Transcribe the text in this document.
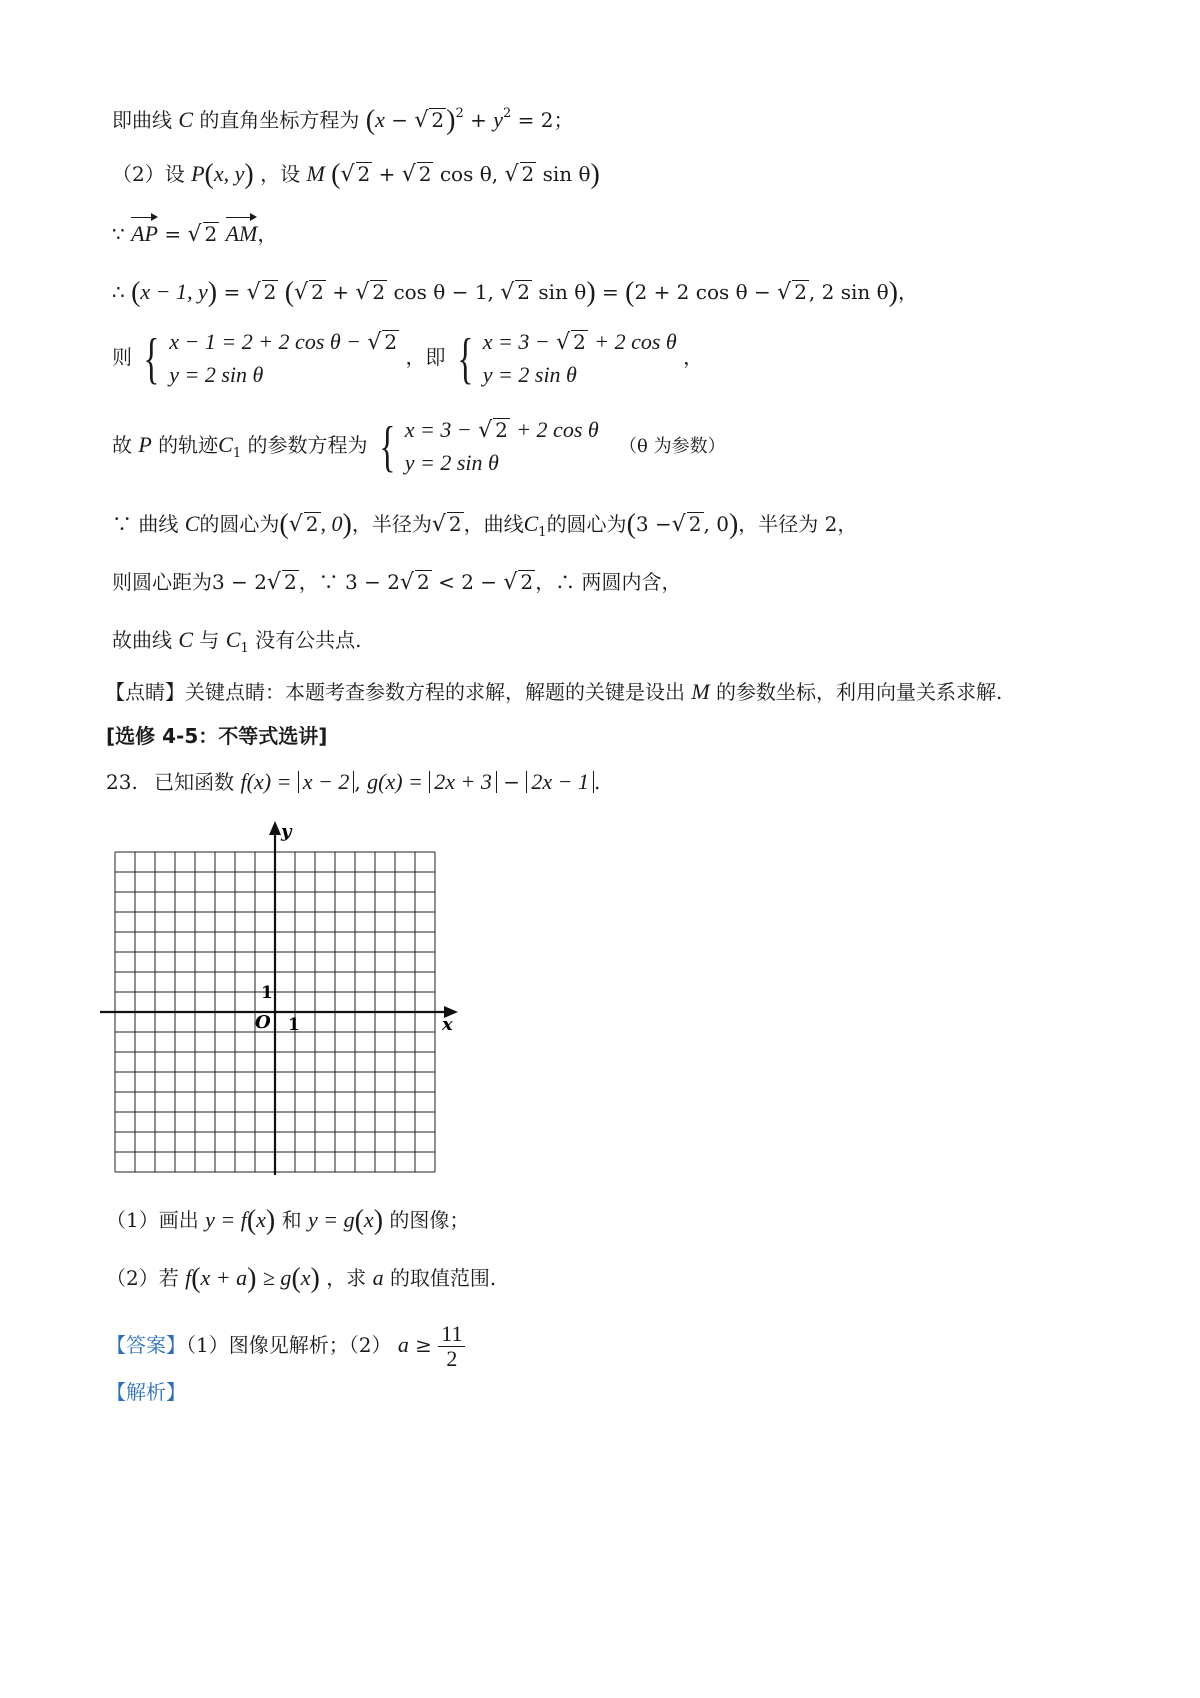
即曲线 C 的直角坐标方程为 (x − √ $2)^2 + y^2 = 2$；
（2）设 P(x, y) ，设 M (√ 2 + √ 2 cos θ, √ 2 sin θ)
∵ AP = √ 2 AM，
∴ (x − 1, y) = √ 2 (√ 2 + √ 2 cos θ − 1, √ 2 sin θ) = (2 + 2 cos θ − √ 2 , 2 sin θ)，
则 { x − 1 = 2 + 2 cos θ − √ 2
y = 2 sin θ
，即 { x = 3 − √ 2 + 2 cos θ
y = 2 sin θ
，
故 P 的轨迹$C_1$ 的参数方程为 { x = 3 − √ 2 + 2 cos θ
y = 2 sin θ
（θ 为参数）
∵ 曲线 C的圆心为(√ 2, 0)，半径为√ 2 ，曲线$C_1$的圆心为(3 −√ 2 , 0)，半径为 2，
则圆心距为3 − 2√ 2 ，∵ 3 − 2√ 2 < 2 − √ 2 ，∴ 两圆内含，
故曲线 C 与 $C_1$ 没有公共点.
【点睛】关键点睛：本题考查参数方程的求解，解题的关键是设出 M 的参数坐标，利用向量关系求解.
[选修 4-5：不等式选讲]
23. 已知函数 f(x) = x − 2 , g(x) = 2x + 3 − 2x − 1 .
x
y
O 1
1
（1）画出 y = f(x) 和 y = g(x) 的图像；
（2）若 f(x + a) ≥ g(x) ，求 a 的取值范围.
【答案】（1）图像见解析；（2） $a \ge \frac{11}{2}$
【解析】
